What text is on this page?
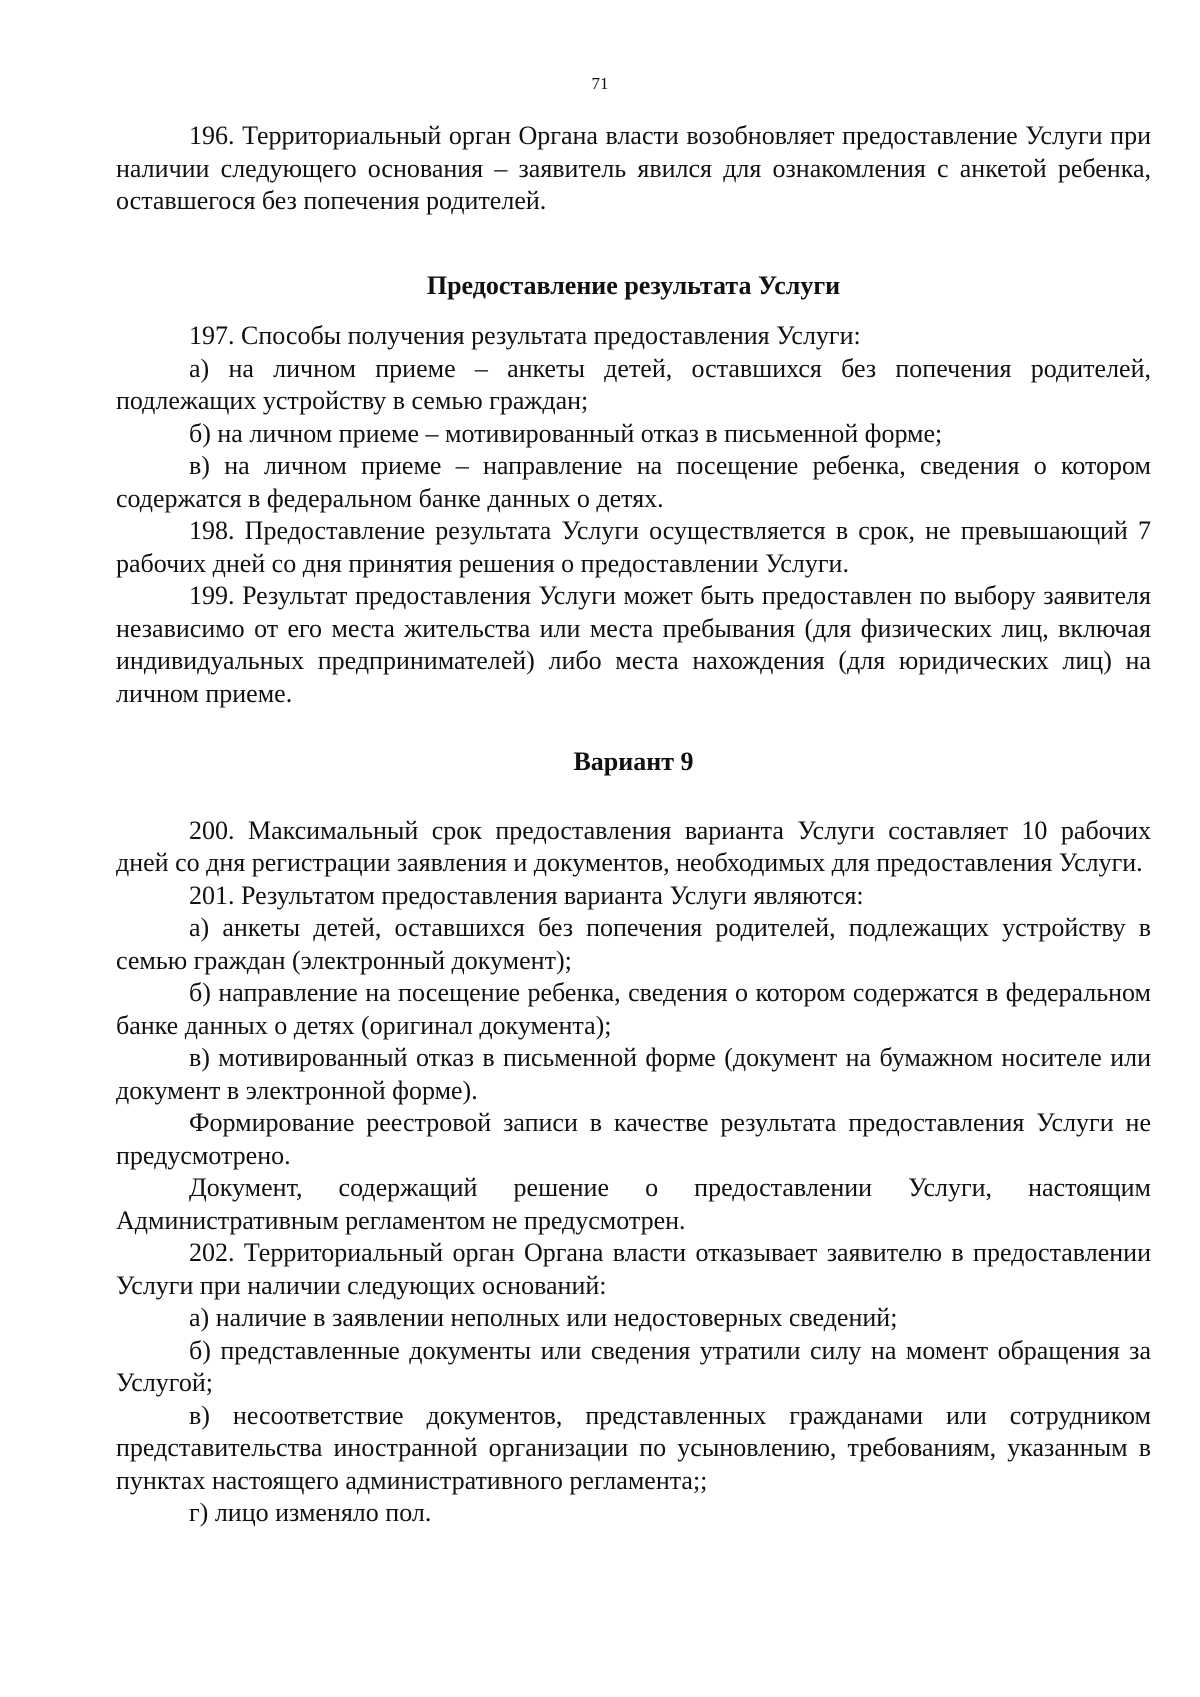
71

196. Территориальный орган Органа власти возобновляет предоставление Услуги при наличии следующего основания – заявитель явился для ознакомления с анкетой ребенка, оставшегося без попечения родителей.

Предоставление результата Услуги

197. Способы получения результата предоставления Услуги:

а) на личном приеме – анкеты детей, оставшихся без попечения родителей, подлежащих устройству в семью граждан;

б) на личном приеме – мотивированный отказ в письменной форме;

в) на личном приеме – направление на посещение ребенка, сведения о котором содержатся в федеральном банке данных о детях.

198. Предоставление результата Услуги осуществляется в срок, не превышающий 7 рабочих дней со дня принятия решения о предоставлении Услуги.

199. Результат предоставления Услуги может быть предоставлен по выбору заявителя независимо от его места жительства или места пребывания (для физических лиц, включая индивидуальных предпринимателей) либо места нахождения (для юридических лиц) на личном приеме.

Вариант 9

200. Максимальный срок предоставления варианта Услуги составляет 10 рабочих дней со дня регистрации заявления и документов, необходимых для предоставления Услуги.

201. Результатом предоставления варианта Услуги являются:

а) анкеты детей, оставшихся без попечения родителей, подлежащих устройству в семью граждан (электронный документ);

б) направление на посещение ребенка, сведения о котором содержатся в федеральном банке данных о детях (оригинал документа);

в) мотивированный отказ в письменной форме (документ на бумажном носителе или документ в электронной форме).

Формирование реестровой записи в качестве результата предоставления Услуги не предусмотрено.

Документ, содержащий решение о предоставлении Услуги, настоящим Административным регламентом не предусмотрен.

202. Территориальный орган Органа власти отказывает заявителю в предоставлении Услуги при наличии следующих оснований:

а) наличие в заявлении неполных или недостоверных сведений;

б) представленные документы или сведения утратили силу на момент обращения за Услугой;

в) несоответствие документов, представленных гражданами или сотрудником представительства иностранной организации по усыновлению, требованиям, указанным в пунктах настоящего административного регламента;;

г) лицо изменяло пол.
